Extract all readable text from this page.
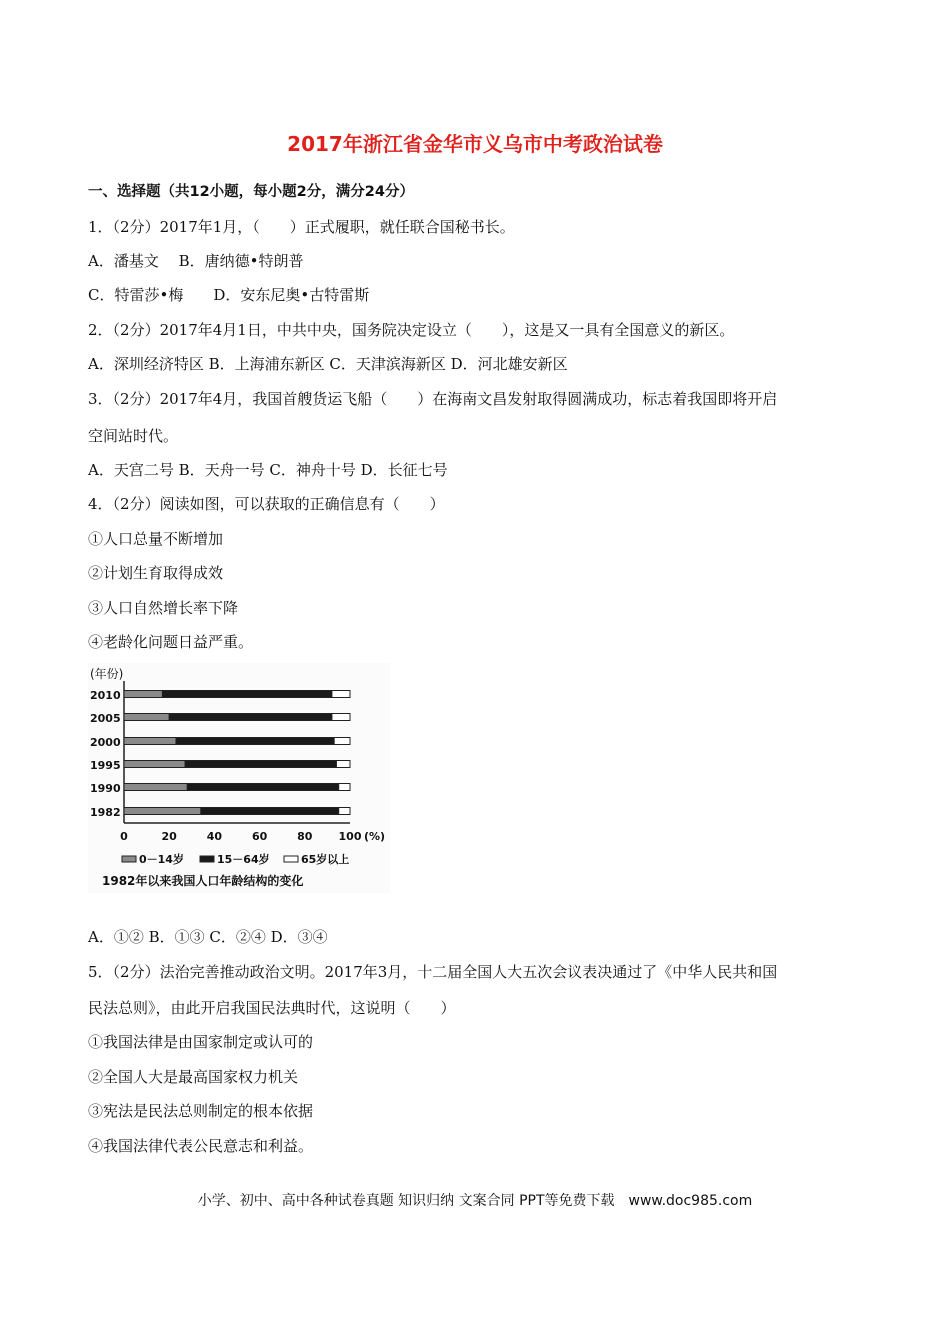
2017年浙江省金华市义乌市中考政治试卷
一、选择题（共12小题，每小题2分，满分24分）
1．（2分）2017年1月，（　　）正式履职，就任联合国秘书长。
A．潘基文　 B．唐纳德•特朗普
C．特雷莎•梅　　D．安东尼奥•古特雷斯
2．（2分）2017年4月1日，中共中央，国务院决定设立（　　），这是又一具有全国意义的新区。
A．深圳经济特区 B．上海浦东新区 C．天津滨海新区 D．河北雄安新区
3．（2分）2017年4月，我国首艘货运飞船（　　）在海南文昌发射取得圆满成功，标志着我国即将开启
空间站时代。
A．天宫二号 B．天舟一号 C．神舟十号 D．长征七号
4．（2分）阅读如图，可以获取的正确信息有（　　）
①人口总量不断增加
②计划生育取得成效
③人口自然增长率下降
④老龄化问题日益严重。
(年份)
2010
2005
2000
1995
1990
1982
0	20	40	60	80 100 (%)
0－14岁	15－64岁	65岁以上
1982年以来我国人口年龄结构的变化
A．①② B．①③ C．②④ D．③④
5．（2分）法治完善推动政治文明。2017年3月，十二届全国人大五次会议表决通过了《中华人民共和国
民法总则》，由此开启我国民法典时代，这说明（　　）
①我国法律是由国家制定或认可的
②全国人大是最高国家权力机关
③宪法是民法总则制定的根本依据
④我国法律代表公民意志和利益。
小学、初中、高中各种试卷真题 知识归纳 文案合同 PPT等免费下载　www.doc985.com
